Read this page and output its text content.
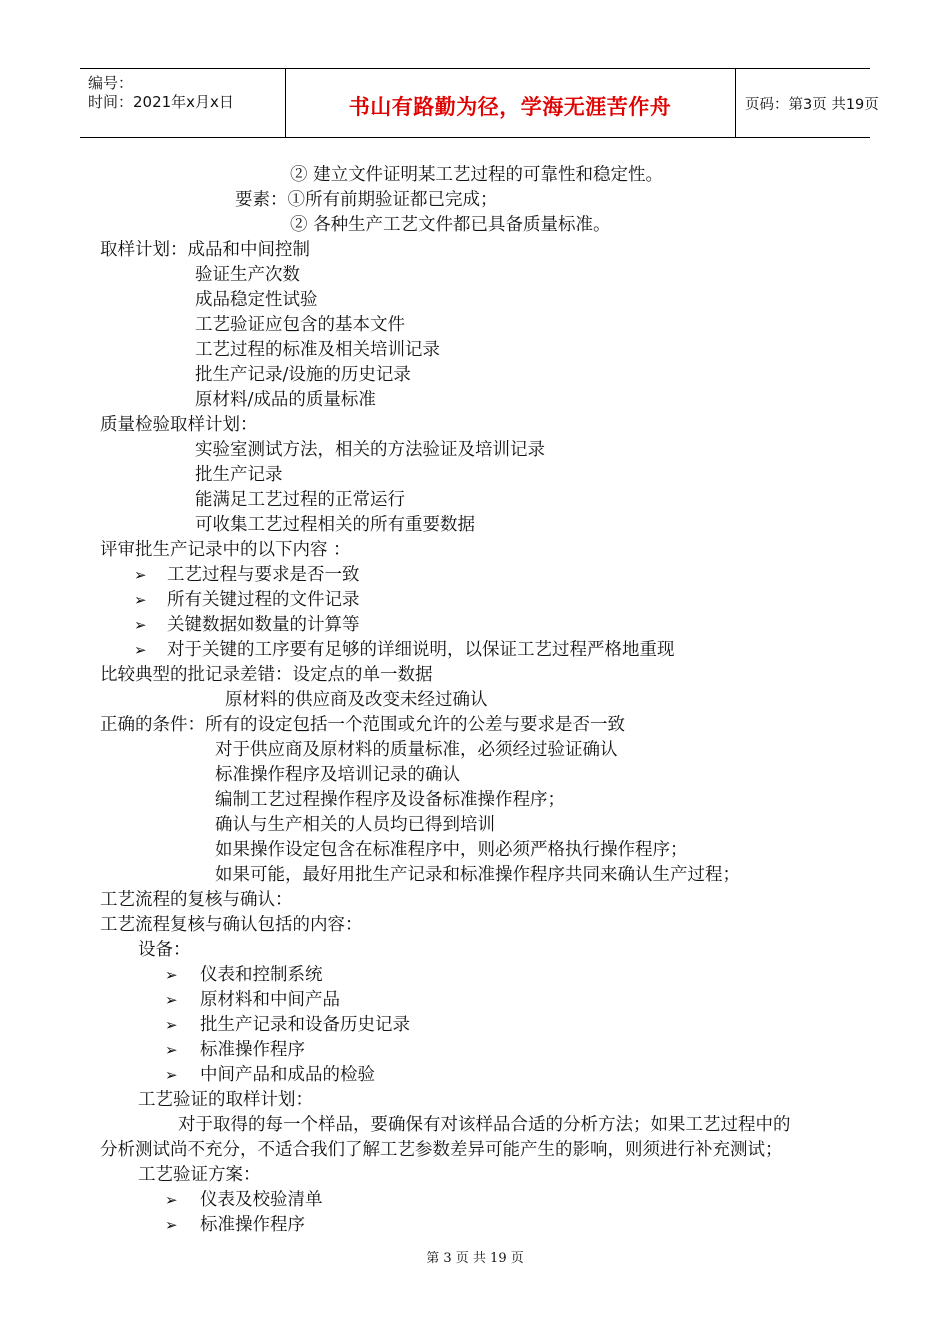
编号：
时间：2021年x月x日	书山有路勤为径，学海无涯苦作舟	页码：第3页 共19页
② 建立文件证明某工艺过程的可靠性和稳定性。
要素：①所有前期验证都已完成；
② 各种生产工艺文件都已具备质量标准。
取样计划：成品和中间控制
验证生产次数
成品稳定性试验
工艺验证应包含的基本文件
工艺过程的标准及相关培训记录
批生产记录/设施的历史记录
原材料/成品的质量标准
质量检验取样计划：
实验室测试方法，相关的方法验证及培训记录
批生产记录
能满足工艺过程的正常运行
可收集工艺过程相关的所有重要数据
评审批生产记录中的以下内容 ：
➢ 工艺过程与要求是否一致
➢ 所有关键过程的文件记录
➢ 关键数据如数量的计算等
➢ 对于关键的工序要有足够的详细说明，以保证工艺过程严格地重现
比较典型的批记录差错：设定点的单一数据
原材料的供应商及改变未经过确认
正确的条件：所有的设定包括一个范围或允许的公差与要求是否一致
对于供应商及原材料的质量标准，必须经过验证确认
标准操作程序及培训记录的确认
编制工艺过程操作程序及设备标准操作程序；
确认与生产相关的人员均已得到培训
如果操作设定包含在标准程序中，则必须严格执行操作程序；
如果可能，最好用批生产记录和标准操作程序共同来确认生产过程；
工艺流程的复核与确认：
工艺流程复核与确认包括的内容：
设备：
➢ 仪表和控制系统
➢ 原材料和中间产品
➢ 批生产记录和设备历史记录
➢ 标准操作程序
➢ 中间产品和成品的检验
工艺验证的取样计划：
对于取得的每一个样品，要确保有对该样品合适的分析方法；如果工艺过程中的
分析测试尚不充分，不适合我们了解工艺参数差异可能产生的影响，则须进行补充测试；
工艺验证方案：
➢ 仪表及校验清单
➢ 标准操作程序
第 3 页 共 19 页
